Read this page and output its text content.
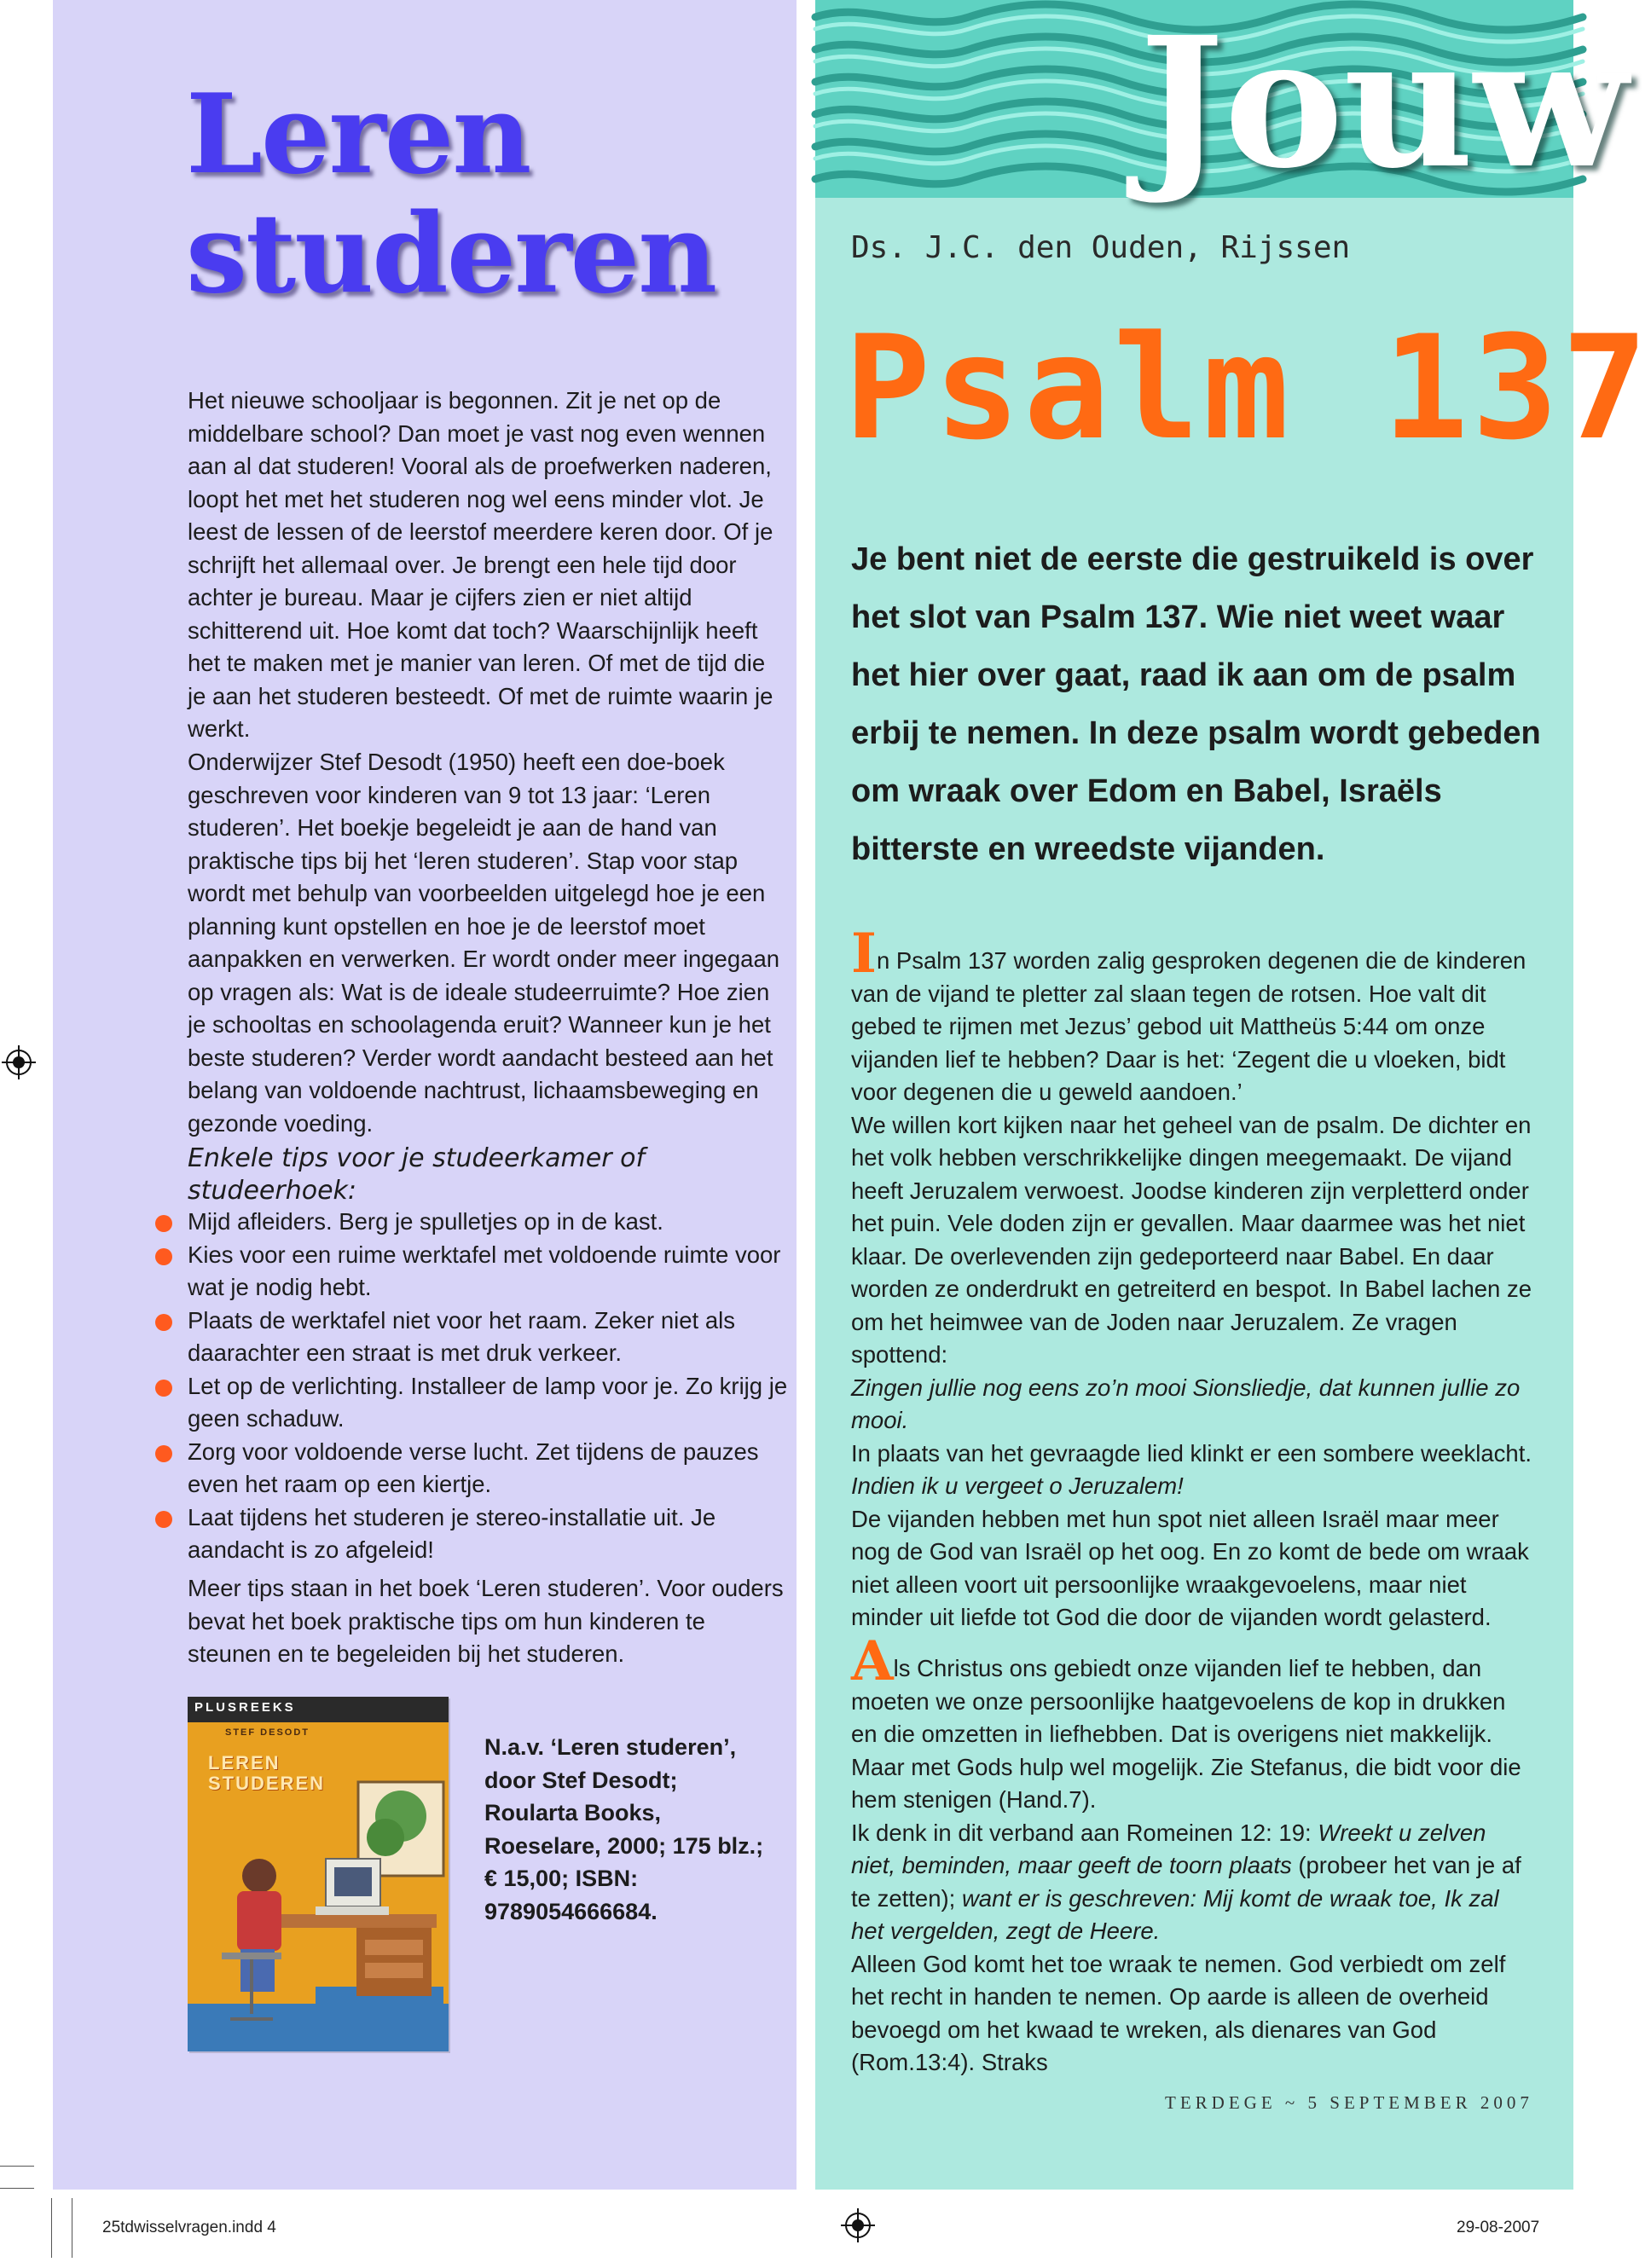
Leren
studeren

Het nieuwe schooljaar is begonnen. Zit je net op de middelbare school? Dan moet je vast nog even wennen aan al dat studeren! Vooral als de proefwerken naderen, loopt het met het studeren nog wel eens minder vlot. Je leest de lessen of de leerstof meerdere keren door. Of je schrijft het allemaal over. Je brengt een hele tijd door achter je bureau. Maar je cijfers zien er niet altijd schitterend uit. Hoe komt dat toch? Waarschijnlijk heeft het te maken met je manier van leren. Of met de tijd die je aan het studeren besteedt. Of met de ruimte waarin je werkt.

Onderwijzer Stef Desodt (1950) heeft een doe-boek geschreven voor kinderen van 9 tot 13 jaar: ‘Leren studeren’. Het boekje begeleidt je aan de hand van praktische tips bij het ‘leren studeren’. Stap voor stap wordt met behulp van voorbeelden uitgelegd hoe je een planning kunt opstellen en hoe je de leerstof moet aanpakken en verwerken. Er wordt onder meer ingegaan op vragen als: Wat is de ideale studeerruimte? Hoe zien je schooltas en schoolagenda eruit? Wanneer kun je het beste studeren? Verder wordt aandacht besteed aan het belang van voldoende nachtrust, lichaamsbeweging en gezonde voeding.

Enkele tips voor je studeerkamer of studeerhoek:

Mijd afleiders. Berg je spulletjes op in de kast.
Kies voor een ruime werktafel met voldoende ruimte voor wat je nodig hebt.
Plaats de werktafel niet voor het raam. Zeker niet als daarachter een straat is met druk verkeer.
Let op de verlichting. Installeer de lamp voor je. Zo krijg je geen schaduw.
Zorg voor voldoende verse lucht. Zet tijdens de pauzes even het raam op een kiertje.
Laat tijdens het studeren je stereo-installatie uit. Je aandacht is zo afgeleid!

Meer tips staan in het boek ‘Leren studeren’. Voor ouders bevat het boek praktische tips om hun kinderen te steunen en te begeleiden bij het studeren.

PLUSREEKS
STEF DESODT
LEREN
STUDEREN

N.a.v. ‘Leren studeren’, door Stef Desodt; Roularta Books, Roeselare, 2000; 175 blz.; € 15,00; ISBN: 9789054666684.

Jouw

Ds. J.C. den Ouden, Rijssen

Psalm 137

Je bent niet de eerste die gestruikeld is over het slot van Psalm 137. Wie niet weet waar het hier over gaat, raad ik aan om de psalm erbij te nemen. In deze psalm wordt gebeden om wraak over Edom en Babel, Israëls bitterste en wreedste vijanden.

In Psalm 137 worden zalig gesproken degenen die de kinderen van de vijand te pletter zal slaan tegen de rotsen. Hoe valt dit gebed te rijmen met Jezus’ gebod uit Mattheüs 5:44 om onze vijanden lief te hebben? Daar is het: ‘Zegent die u vloeken, bidt voor degenen die u geweld aandoen.’

We willen kort kijken naar het geheel van de psalm. De dichter en het volk hebben verschrikkelijke dingen meegemaakt. De vijand heeft Jeruzalem verwoest. Joodse kinderen zijn verpletterd onder het puin. Vele doden zijn er gevallen. Maar daarmee was het niet klaar. De overlevenden zijn gedeporteerd naar Babel. En daar worden ze onderdrukt en getreiterd en bespot. In Babel lachen ze om het heimwee van de Joden naar Jeruzalem. Ze vragen spottend:

Zingen jullie nog eens zo’n mooi Sionsliedje, dat kunnen jullie zo mooi.

In plaats van het gevraagde lied klinkt er een sombere weeklacht.

Indien ik u vergeet o Jeruzalem!

De vijanden hebben met hun spot niet alleen Israël maar meer nog de God van Israël op het oog. En zo komt de bede om wraak niet alleen voort uit persoonlijke wraakgevoelens, maar niet minder uit liefde tot God die door de vijanden wordt gelasterd.

Als Christus ons gebiedt onze vijanden lief te hebben, dan moeten we onze persoonlijke haatgevoelens de kop in drukken en die omzetten in liefhebben. Dat is overigens niet makkelijk. Maar met Gods hulp wel mogelijk. Zie Stefanus, die bidt voor die hem stenigen (Hand.7).

Ik denk in dit verband aan Romeinen 12: 19: Wreekt u zelven niet, beminden, maar geeft de toorn plaats (probeer het van je af te zetten); want er is geschreven: Mij komt de wraak toe, Ik zal het vergelden, zegt de Heere.

Alleen God komt het toe wraak te nemen. God verbiedt om zelf het recht in handen te nemen. Op aarde is alleen de overheid bevoegd om het kwaad te wreken, als dienares van God (Rom.13:4). Straks

TERDEGE ~ 5 SEPTEMBER 2007

25tdwisselvragen.indd 4	29-08-2007
